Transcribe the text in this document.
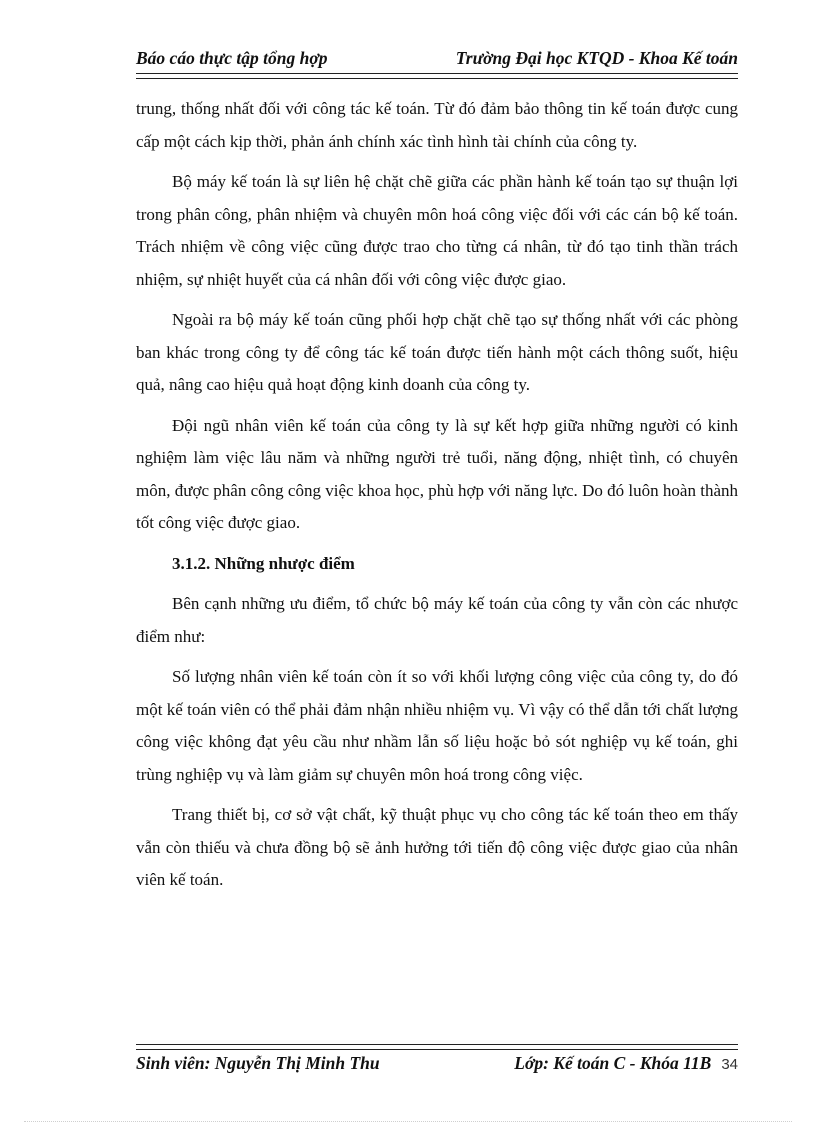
Báo cáo thực tập tổng hợp	Trường Đại học KTQD - Khoa Kế toán

trung, thống nhất đối với công tác kế toán. Từ đó đảm bảo thông tin kế toán được cung cấp một cách kịp thời, phản ánh chính xác tình hình tài chính của công ty.

Bộ máy kế toán là sự liên hệ chặt chẽ giữa các phần hành kế toán tạo sự thuận lợi trong phân công, phân nhiệm và chuyên môn hoá công việc đối với các cán bộ kế toán. Trách nhiệm về công việc cũng được trao cho từng cá nhân, từ đó tạo tinh thần trách nhiệm, sự nhiệt huyết của cá nhân đối với công việc được giao.

Ngoài ra bộ máy kế toán cũng phối hợp chặt chẽ tạo sự thống nhất với các phòng ban khác trong công ty để công tác kế toán được tiến hành một cách thông suốt, hiệu quả, nâng cao hiệu quả hoạt động kinh doanh của công ty.

Đội ngũ nhân viên kế toán của công ty là sự kết hợp giữa những người có kinh nghiệm làm việc lâu năm và những người trẻ tuổi, năng động, nhiệt tình, có chuyên môn, được phân công công việc khoa học, phù hợp với năng lực. Do đó luôn hoàn thành tốt công việc được giao.

3.1.2. Những nhược điểm

Bên cạnh những ưu điểm, tổ chức bộ máy kế toán của công ty vẫn còn các nhược điểm như:

Số lượng nhân viên kế toán còn ít so với khối lượng công việc của công ty, do đó một kế toán viên có thể phải đảm nhận nhiều nhiệm vụ. Vì vậy có thể dẫn tới chất lượng công việc không đạt yêu cầu như nhầm lẫn số liệu hoặc bỏ sót nghiệp vụ kế toán, ghi trùng nghiệp vụ và làm giảm sự chuyên môn hoá trong công việc.

Trang thiết bị, cơ sở vật chất, kỹ thuật phục vụ cho công tác kế toán theo em thấy vẫn còn thiếu và chưa đồng bộ sẽ ảnh hưởng tới tiến độ công việc được giao của nhân viên kế toán.

Sinh viên: Nguyễn Thị Minh Thu	Lớp: Kế toán C - Khóa 11B 34
